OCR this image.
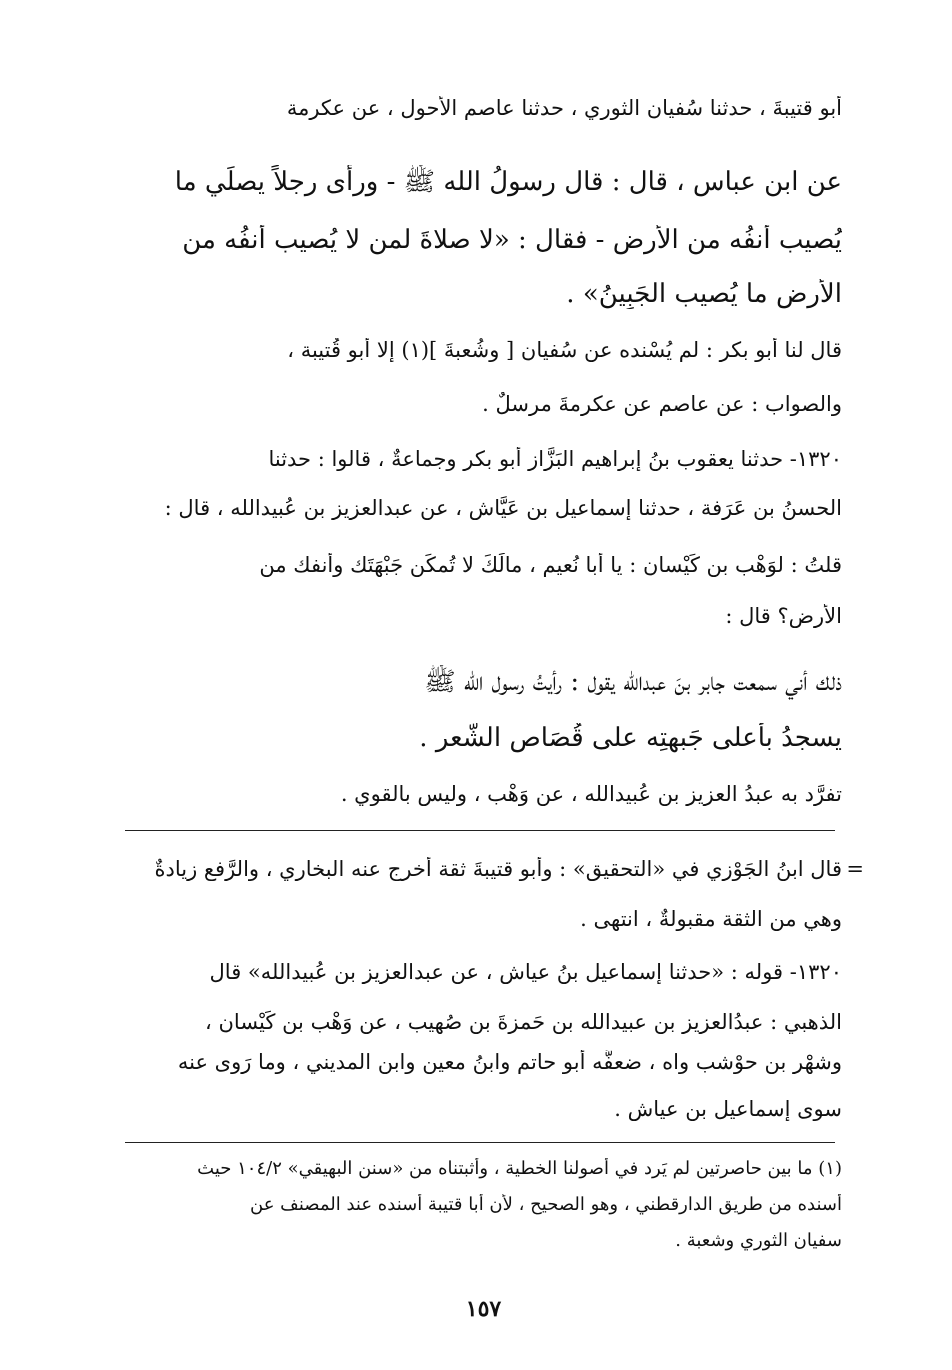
أبو قتيبةَ ، حدثنا سُفيان الثوري ، حدثنا عاصم الأحول ، عن عكرمة

عن ابن عباس ، قال : قال رسولُ الله ﷺ - ورأى رجلاً يصلِّي ما

يُصيب أنفُه من الأرض - فقال : «لا صلاةَ لمن لا يُصيب أنفُه من

الأرض ما يُصيب الجَبِينُ» .

قال لنا أبو بكر : لم يُسْنده عن سُفيان [ وشُعبةَ ](١) إلا أبو قُتيبة ،

والصواب : عن عاصمٍ عن عكرمةَ مرسلٌ .

١٣٢٠- حدثنا يعقوب بنُ إبراهيم البَزَّاز أبو بكر وجماعةٌ ، قالوا : حدثنا

الحسنُ بن عَرَفة ، حدثنا إسماعيل بن عَيَّاش ، عن عبدالعزيز بن عُبيدالله ، قال :

قلتُ : لوَهْب بن كَيْسان : يا أبا نُعيم ، مالَكَ لا تُمكِّن جَبْهَتَك وأنفك من

الأرض؟ قال :

ذلك أني سمعت جابر بنَ عبدالله يقول : رأيتُ رسول الله ﷺ

يسجدُ بأعلى جَبهتِه على قُصَاص الشَّعر .

تفرَّد به عبدُ العزيز بن عُبيدالله ، عن وَهْب ، وليس بالقوي .

=

قال ابنُ الجَوْزي في «التحقيق» : وأبو قتيبةَ ثقة أخرج عنه البخاري ، والرَّفع زيادةٌ

وهي من الثقة مقبولةٌ ، انتهى .

١٣٢٠- قوله : «حدثنا إسماعيل بنُ عياش ، عن عبدالعزيز بن عُبيدالله» قال

الذهبي : عبدُالعزيز بن عبيدالله بن حَمزةَ بن صُهيب ، عن وَهْب بن كَيْسان ،

وشهْر بن حوْشب واه ، ضعفَّه أبو حاتم وابنُ معين وابن المديني ، وما رَوى عنه

سوى إسماعيل بن عياش .

(١) ما بين حاصرتين لم يَرد في أصولنا الخطية ، وأثبتناه من «سنن البهيقي» ١٠٤/٢ حيث

أسنده من طريق الدارقطني ، وهو الصحيح ، لأن أبا قتيبة أسنده عند المصنف عن

سفيان الثوري وشعبة .

١٥٧
